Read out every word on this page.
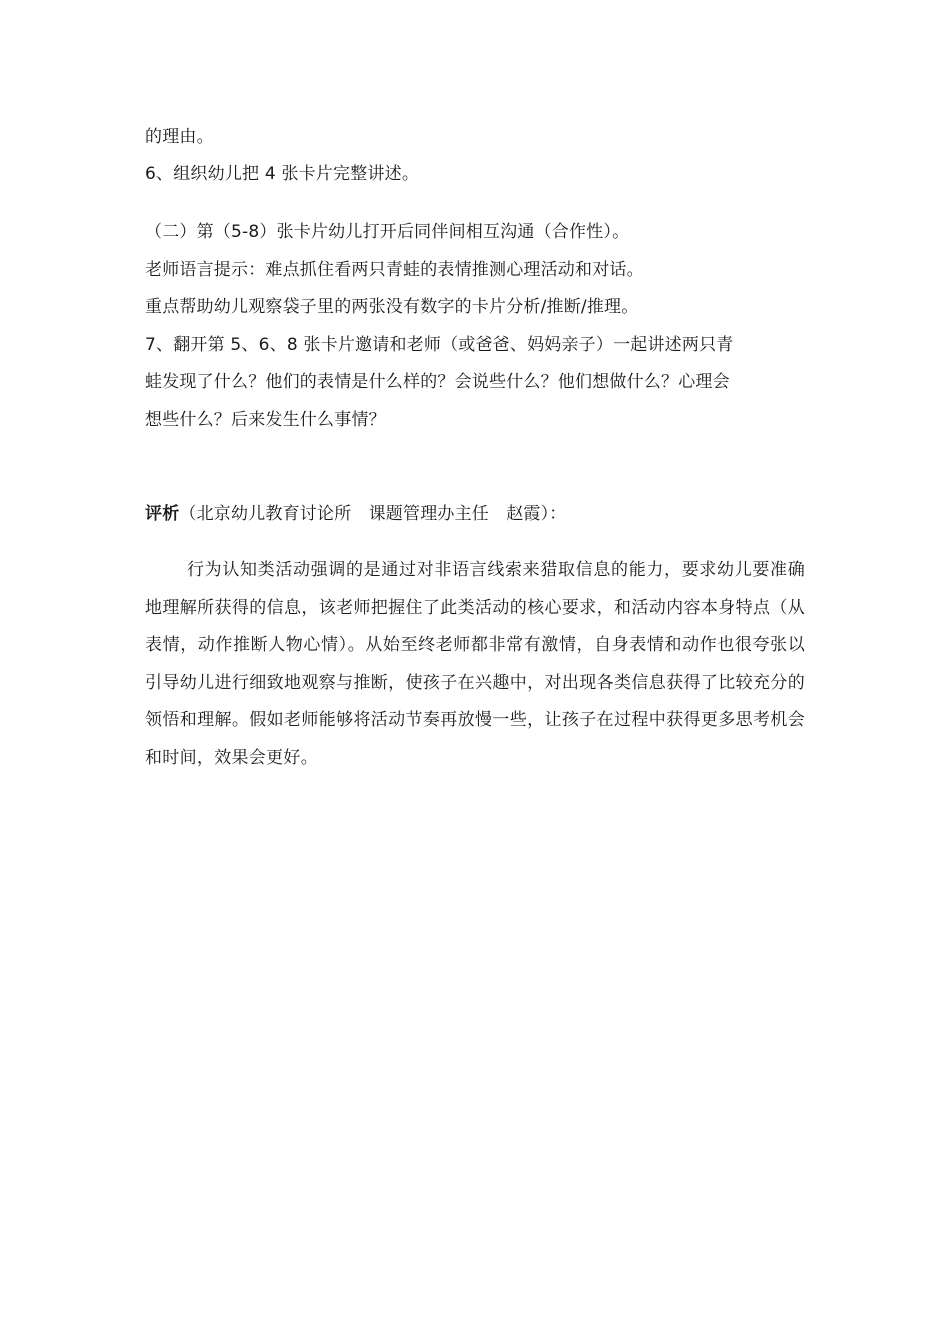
的理由。
6、组织幼儿把 4 张卡片完整讲述。
（二）第（5-8）张卡片幼儿打开后同伴间相互沟通（合作性）。
老师语言提示：难点抓住看两只青蛙的表情推测心理活动和对话。
重点帮助幼儿观察袋子里的两张没有数字的卡片分析/推断/推理。
7、翻开第 5、6、8 张卡片邀请和老师（或爸爸、妈妈亲子）一起讲述两只青
蛙发现了什么？他们的表情是什么样的？会说些什么？他们想做什么？心理会
想些什么？后来发生什么事情？
评析（北京幼儿教育讨论所　课题管理办主任　赵霞）：
行为认知类活动强调的是通过对非语言线索来猎取信息的能力，要求幼儿要准确地理解所获得的信息，该老师把握住了此类活动的核心要求，和活动内容本身特点（从表情，动作推断人物心情）。从始至终老师都非常有激情，自身表情和动作也很夸张以引导幼儿进行细致地观察与推断，使孩子在兴趣中，对出现各类信息获得了比较充分的领悟和理解。假如老师能够将活动节奏再放慢一些，让孩子在过程中获得更多思考机会和时间，效果会更好。
